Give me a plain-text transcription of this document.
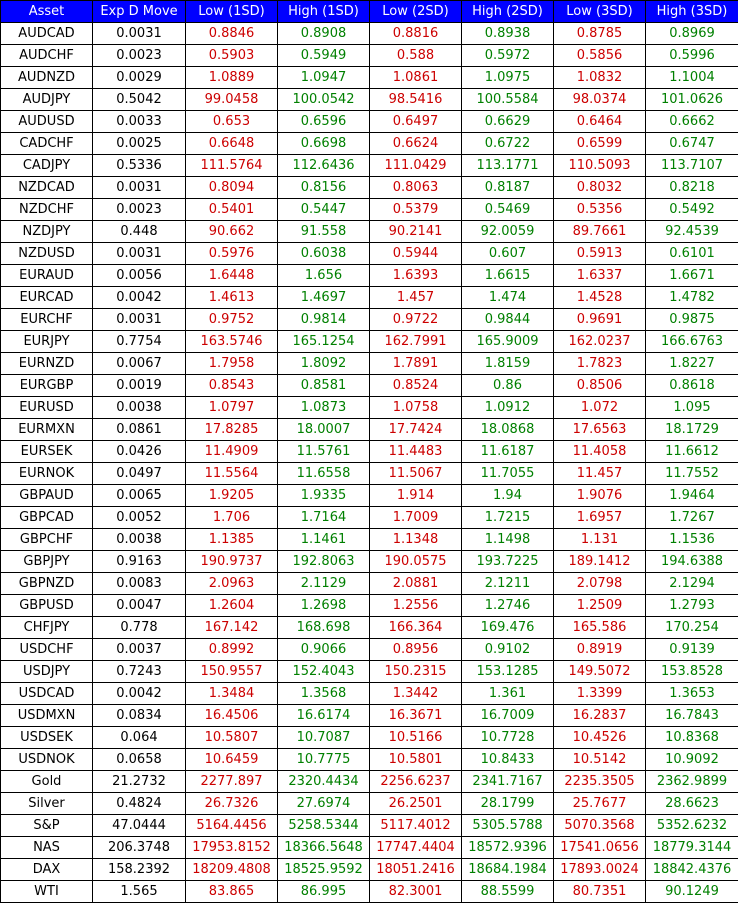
Asset	Exp D Move	Low (1SD)	High (1SD)	Low (2SD)	High (2SD)	Low (3SD)	High (3SD)
AUDCAD	0.0031	0.8846	0.8908	0.8816	0.8938	0.8785	0.8969
AUDCHF	0.0023	0.5903	0.5949	0.588	0.5972	0.5856	0.5996
AUDNZD	0.0029	1.0889	1.0947	1.0861	1.0975	1.0832	1.1004
AUDJPY	0.5042	99.0458	100.0542	98.5416	100.5584	98.0374	101.0626
AUDUSD	0.0033	0.653	0.6596	0.6497	0.6629	0.6464	0.6662
CADCHF	0.0025	0.6648	0.6698	0.6624	0.6722	0.6599	0.6747
CADJPY	0.5336	111.5764	112.6436	111.0429	113.1771	110.5093	113.7107
NZDCAD	0.0031	0.8094	0.8156	0.8063	0.8187	0.8032	0.8218
NZDCHF	0.0023	0.5401	0.5447	0.5379	0.5469	0.5356	0.5492
NZDJPY	0.448	90.662	91.558	90.2141	92.0059	89.7661	92.4539
NZDUSD	0.0031	0.5976	0.6038	0.5944	0.607	0.5913	0.6101
EURAUD	0.0056	1.6448	1.656	1.6393	1.6615	1.6337	1.6671
EURCAD	0.0042	1.4613	1.4697	1.457	1.474	1.4528	1.4782
EURCHF	0.0031	0.9752	0.9814	0.9722	0.9844	0.9691	0.9875
EURJPY	0.7754	163.5746	165.1254	162.7991	165.9009	162.0237	166.6763
EURNZD	0.0067	1.7958	1.8092	1.7891	1.8159	1.7823	1.8227
EURGBP	0.0019	0.8543	0.8581	0.8524	0.86	0.8506	0.8618
EURUSD	0.0038	1.0797	1.0873	1.0758	1.0912	1.072	1.095
EURMXN	0.0861	17.8285	18.0007	17.7424	18.0868	17.6563	18.1729
EURSEK	0.0426	11.4909	11.5761	11.4483	11.6187	11.4058	11.6612
EURNOK	0.0497	11.5564	11.6558	11.5067	11.7055	11.457	11.7552
GBPAUD	0.0065	1.9205	1.9335	1.914	1.94	1.9076	1.9464
GBPCAD	0.0052	1.706	1.7164	1.7009	1.7215	1.6957	1.7267
GBPCHF	0.0038	1.1385	1.1461	1.1348	1.1498	1.131	1.1536
GBPJPY	0.9163	190.9737	192.8063	190.0575	193.7225	189.1412	194.6388
GBPNZD	0.0083	2.0963	2.1129	2.0881	2.1211	2.0798	2.1294
GBPUSD	0.0047	1.2604	1.2698	1.2556	1.2746	1.2509	1.2793
CHFJPY	0.778	167.142	168.698	166.364	169.476	165.586	170.254
USDCHF	0.0037	0.8992	0.9066	0.8956	0.9102	0.8919	0.9139
USDJPY	0.7243	150.9557	152.4043	150.2315	153.1285	149.5072	153.8528
USDCAD	0.0042	1.3484	1.3568	1.3442	1.361	1.3399	1.3653
USDMXN	0.0834	16.4506	16.6174	16.3671	16.7009	16.2837	16.7843
USDSEK	0.064	10.5807	10.7087	10.5166	10.7728	10.4526	10.8368
USDNOK	0.0658	10.6459	10.7775	10.5801	10.8433	10.5142	10.9092
Gold	21.2732	2277.897	2320.4434	2256.6237	2341.7167	2235.3505	2362.9899
Silver	0.4824	26.7326	27.6974	26.2501	28.1799	25.7677	28.6623
S&P	47.0444	5164.4456	5258.5344	5117.4012	5305.5788	5070.3568	5352.6232
NAS	206.3748	17953.8152	18366.5648	17747.4404	18572.9396	17541.0656	18779.3144
DAX	158.2392	18209.4808	18525.9592	18051.2416	18684.1984	17893.0024	18842.4376
WTI	1.565	83.865	86.995	82.3001	88.5599	80.7351	90.1249
